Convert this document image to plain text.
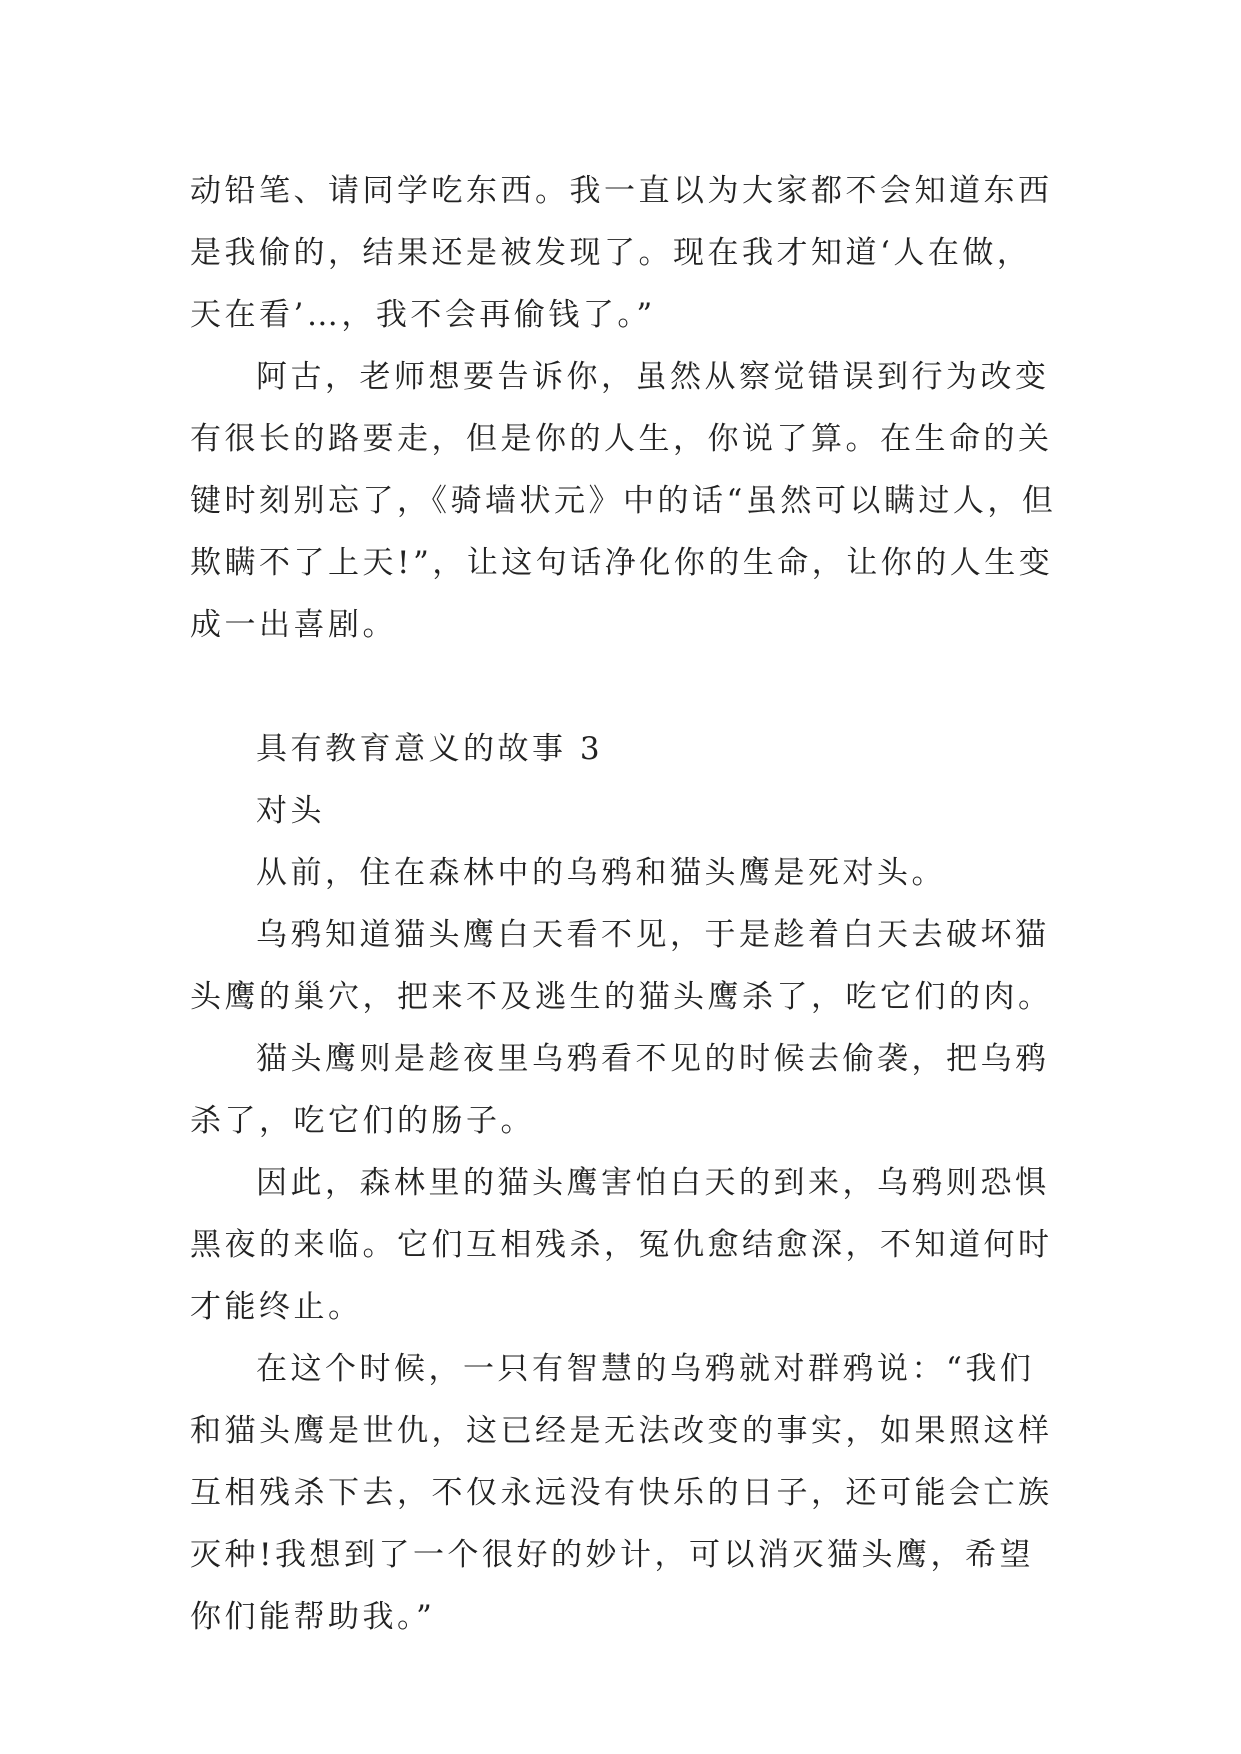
动铅笔、请同学吃东西。我一直以为大家都不会知道东西是我偷的，结果还是被发现了。现在我才知道‘人在做，天在看’…，我不会再偷钱了。”

阿古，老师想要告诉你，虽然从察觉错误到行为改变有很长的路要走，但是你的人生，你说了算。在生命的关键时刻别忘了，《骑墙状元》中的话“虽然可以瞒过人，但欺瞒不了上天!”，让这句话净化你的生命，让你的人生变成一出喜剧。

具有教育意义的故事 3

对头

从前，住在森林中的乌鸦和猫头鹰是死对头。

乌鸦知道猫头鹰白天看不见，于是趁着白天去破坏猫头鹰的巢穴，把来不及逃生的猫头鹰杀了，吃它们的肉。

猫头鹰则是趁夜里乌鸦看不见的时候去偷袭，把乌鸦杀了，吃它们的肠子。

因此，森林里的猫头鹰害怕白天的到来，乌鸦则恐惧黑夜的来临。它们互相残杀，冤仇愈结愈深，不知道何时才能终止。

在这个时候，一只有智慧的乌鸦就对群鸦说：“我们和猫头鹰是世仇，这已经是无法改变的事实，如果照这样互相残杀下去，不仅永远没有快乐的日子，还可能会亡族灭种!我想到了一个很好的妙计，可以消灭猫头鹰，希望你们能帮助我。”
